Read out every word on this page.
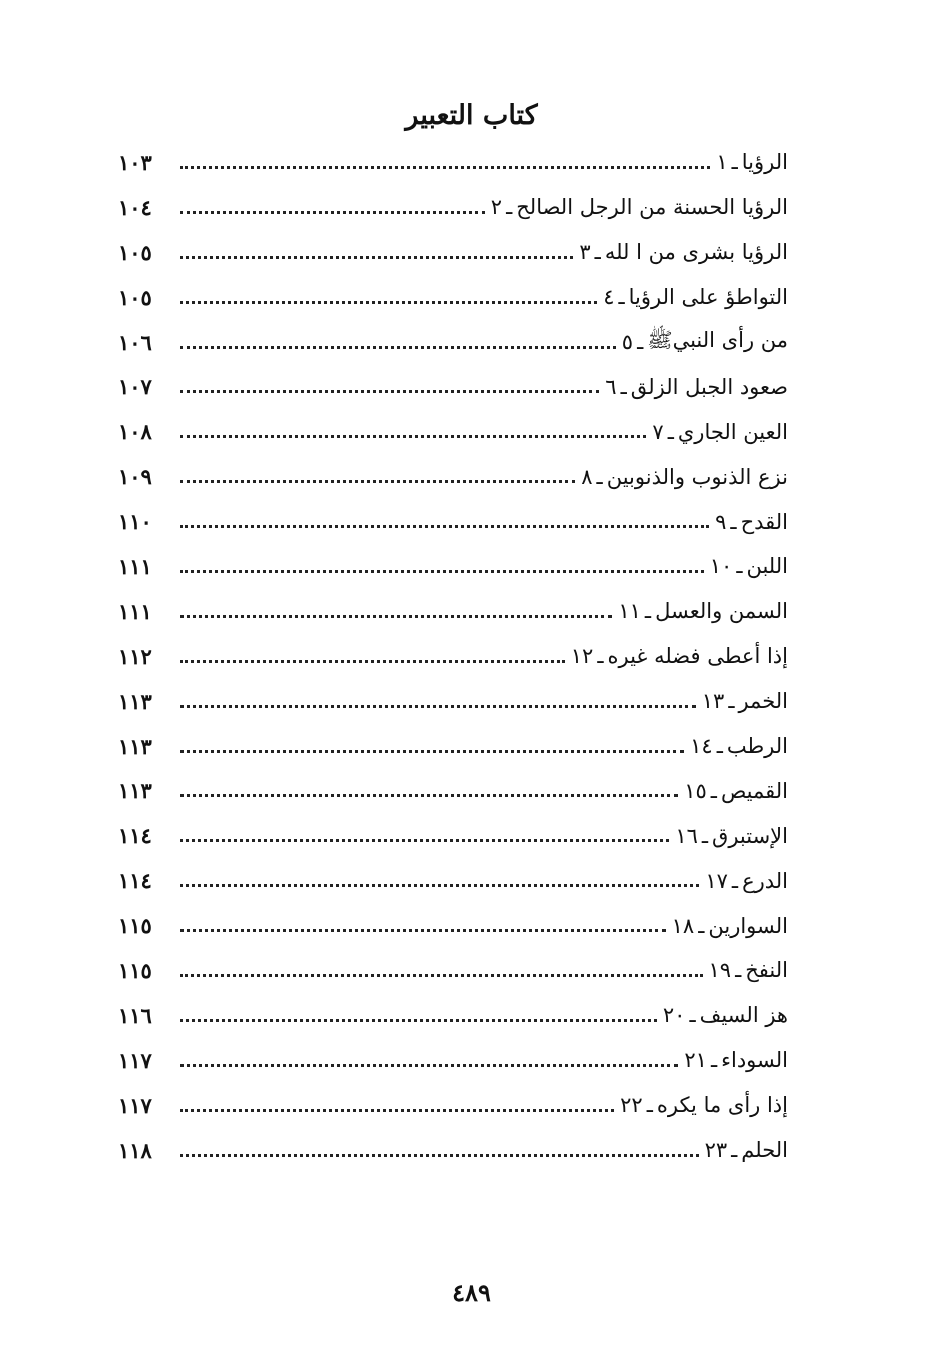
كتاب التعبير
١ ـ الرؤيا
١٠٣
٢ ـ الرؤيا الحسنة من الرجل الصالح
١٠٤
٣ ـ الرؤيا بشرى من ا لله
١٠٥
٤ ـ التواطؤ على الرؤيا
١٠٥
٥ ـ من رأى النبيﷺ
١٠٦
٦ ـ صعود الجبل الزلق
١٠٧
٧ ـ العين الجاري
١٠٨
٨ ـ نزع الذنوب والذنوبين
١٠٩
٩ ـ القدح
١١٠
١٠ ـ اللبن
١١١
١١ ـ السمن والعسل
١١١
١٢ ـ إذا أعطى فضله غيره
١١٢
١٣ ـ الخمر
١١٣
١٤ ـ الرطب
١١٣
١٥ ـ القميص
١١٣
١٦ ـ الإستبرق
١١٤
١٧ ـ الدرع
١١٤
١٨ ـ السوارين
١١٥
١٩ ـ النفخ
١١٥
٢٠ ـ هز السيف
١١٦
٢١ ـ السوداء
١١٧
٢٢ ـ إذا رأى ما يكره
١١٧
٢٣ ـ الحلم
١١٨
٤٨٩
